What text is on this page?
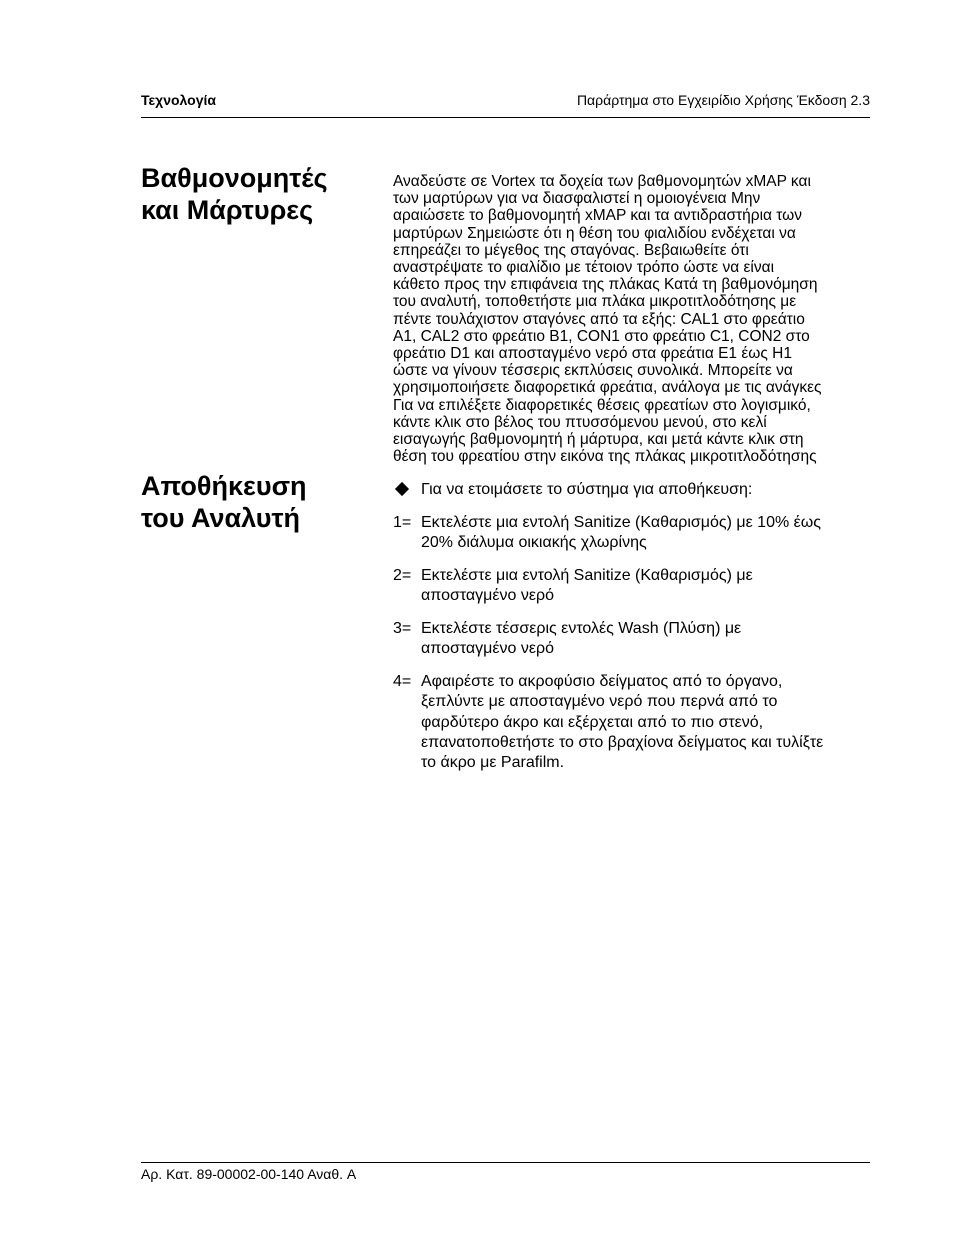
Τεχνολογία	Παράρτημα στο Εγχειρίδιο Χρήσης Έκδοση 2.3
Βαθμονομητές
και Μάρτυρες
Αναδεύστε σε Vortex τα δοχεία των βαθμονομητών xMAP και
των μαρτύρων για να διασφαλιστεί η ομοιογένεια Μην
αραιώσετε το βαθμονομητή xMAP και τα αντιδραστήρια των
μαρτύρων Σημειώστε ότι η θέση του φιαλιδίου ενδέχεται να
επηρεάζει το μέγεθος της σταγόνας. Βεβαιωθείτε ότι
αναστρέψατε το φιαλίδιο με τέτοιον τρόπο ώστε να είναι
κάθετο προς την επιφάνεια της πλάκας Κατά τη βαθμονόμηση
του αναλυτή, τοποθετήστε μια πλάκα μικροτιτλοδότησης με
πέντε τουλάχιστον σταγόνες από τα εξής: CAL1 στο φρεάτιο
A1, CAL2 στο φρεάτιο B1, CON1 στο φρεάτιο C1, CON2 στο
φρεάτιο D1 και αποσταγμένο νερό στα φρεάτια E1 έως H1
ώστε να γίνουν τέσσερις εκπλύσεις συνολικά. Μπορείτε να
χρησιμοποιήσετε διαφορετικά φρεάτια, ανάλογα με τις ανάγκες
Για να επιλέξετε διαφορετικές θέσεις φρεατίων στο λογισμικό,
κάντε κλικ στο βέλος του πτυσσόμενου μενού, στο κελί
εισαγωγής βαθμονομητή ή μάρτυρα, και μετά κάντε κλικ στη
θέση του φρεατίου στην εικόνα της πλάκας μικροτιτλοδότησης
Αποθήκευση
του Αναλυτή
Για να ετοιμάσετε το σύστημα για αποθήκευση:
1= Εκτελέστε μια εντολή Sanitize (Καθαρισμός) με 10% έως
20% διάλυμα οικιακής χλωρίνης
2= Εκτελέστε μια εντολή Sanitize (Καθαρισμός) με
αποσταγμένο νερό
3= Εκτελέστε τέσσερις εντολές Wash (Πλύση) με
αποσταγμένο νερό
4= Αφαιρέστε το ακροφύσιο δείγματος από το όργανο,
ξεπλύντε με αποσταγμένο νερό που περνά από το
φαρδύτερο άκρο και εξέρχεται από το πιο στενό,
επανατοποθετήστε το στο βραχίονα δείγματος και τυλίξτε
το άκρο με Parafilm.
Αρ. Κατ. 89-00002-00-140 Αναθ. A
